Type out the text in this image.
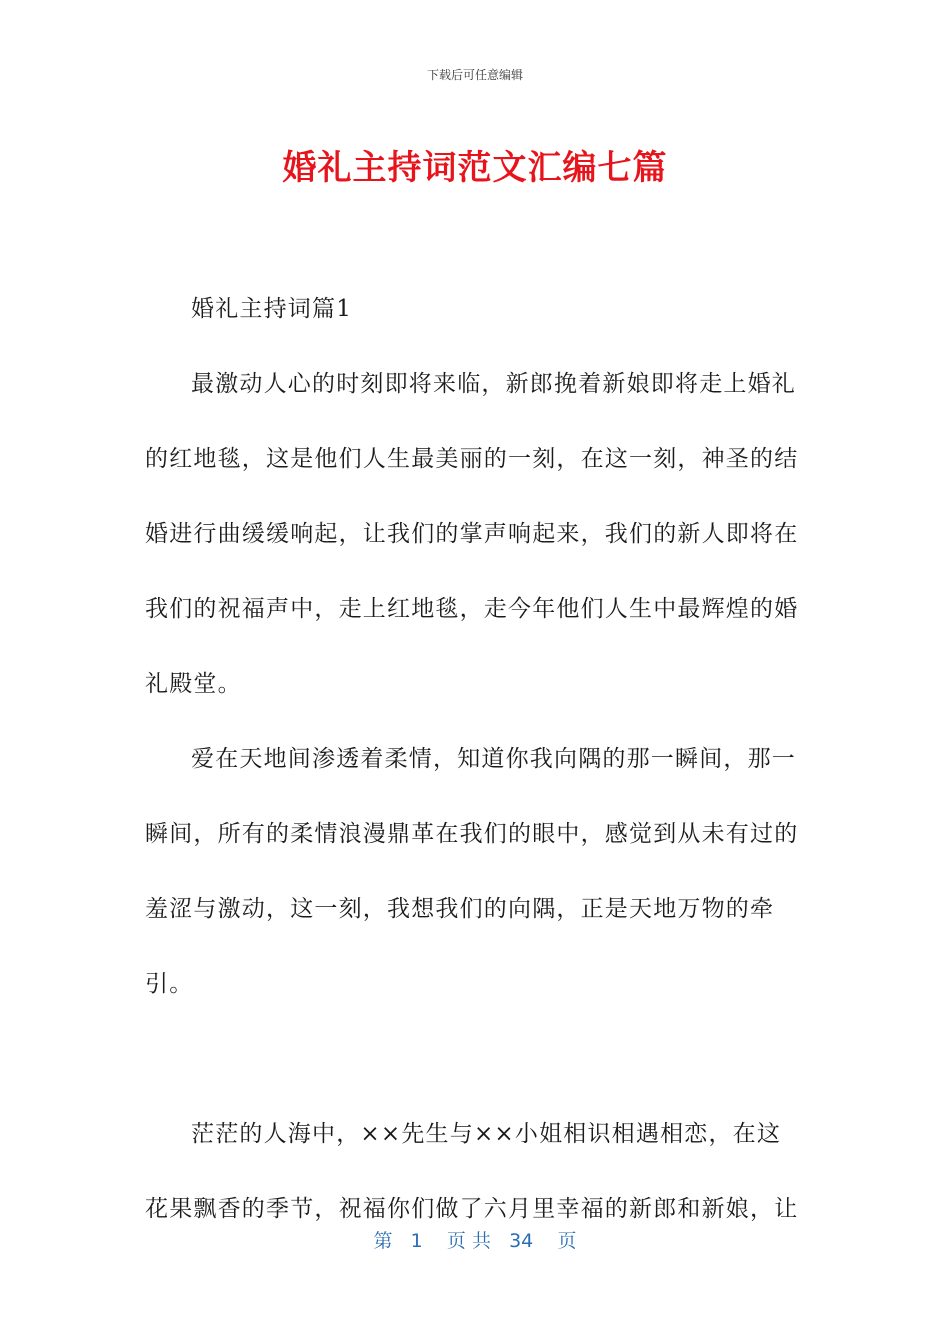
下载后可任意编辑
婚礼主持词范文汇编七篇

婚礼主持词篇1

最激动人心的时刻即将来临，新郎挽着新娘即将走上婚礼的红地毯，这是他们人生最美丽的一刻，在这一刻，神圣的结婚进行曲缓缓响起，让我们的掌声响起来，我们的新人即将在我们的祝福声中，走上红地毯，走今年他们人生中最辉煌的婚礼殿堂。

爱在天地间渗透着柔情，知道你我向隅的那一瞬间，那一瞬间，所有的柔情浪漫鼎革在我们的眼中，感觉到从未有过的羞涩与激动，这一刻，我想我们的向隅，正是天地万物的牵引。

茫茫的人海中，××先生与××小姐相识相遇相恋，在这花果飘香的季节，祝福你们做了六月里幸福的新郎和新娘，让

第 1 页 共 34 页
